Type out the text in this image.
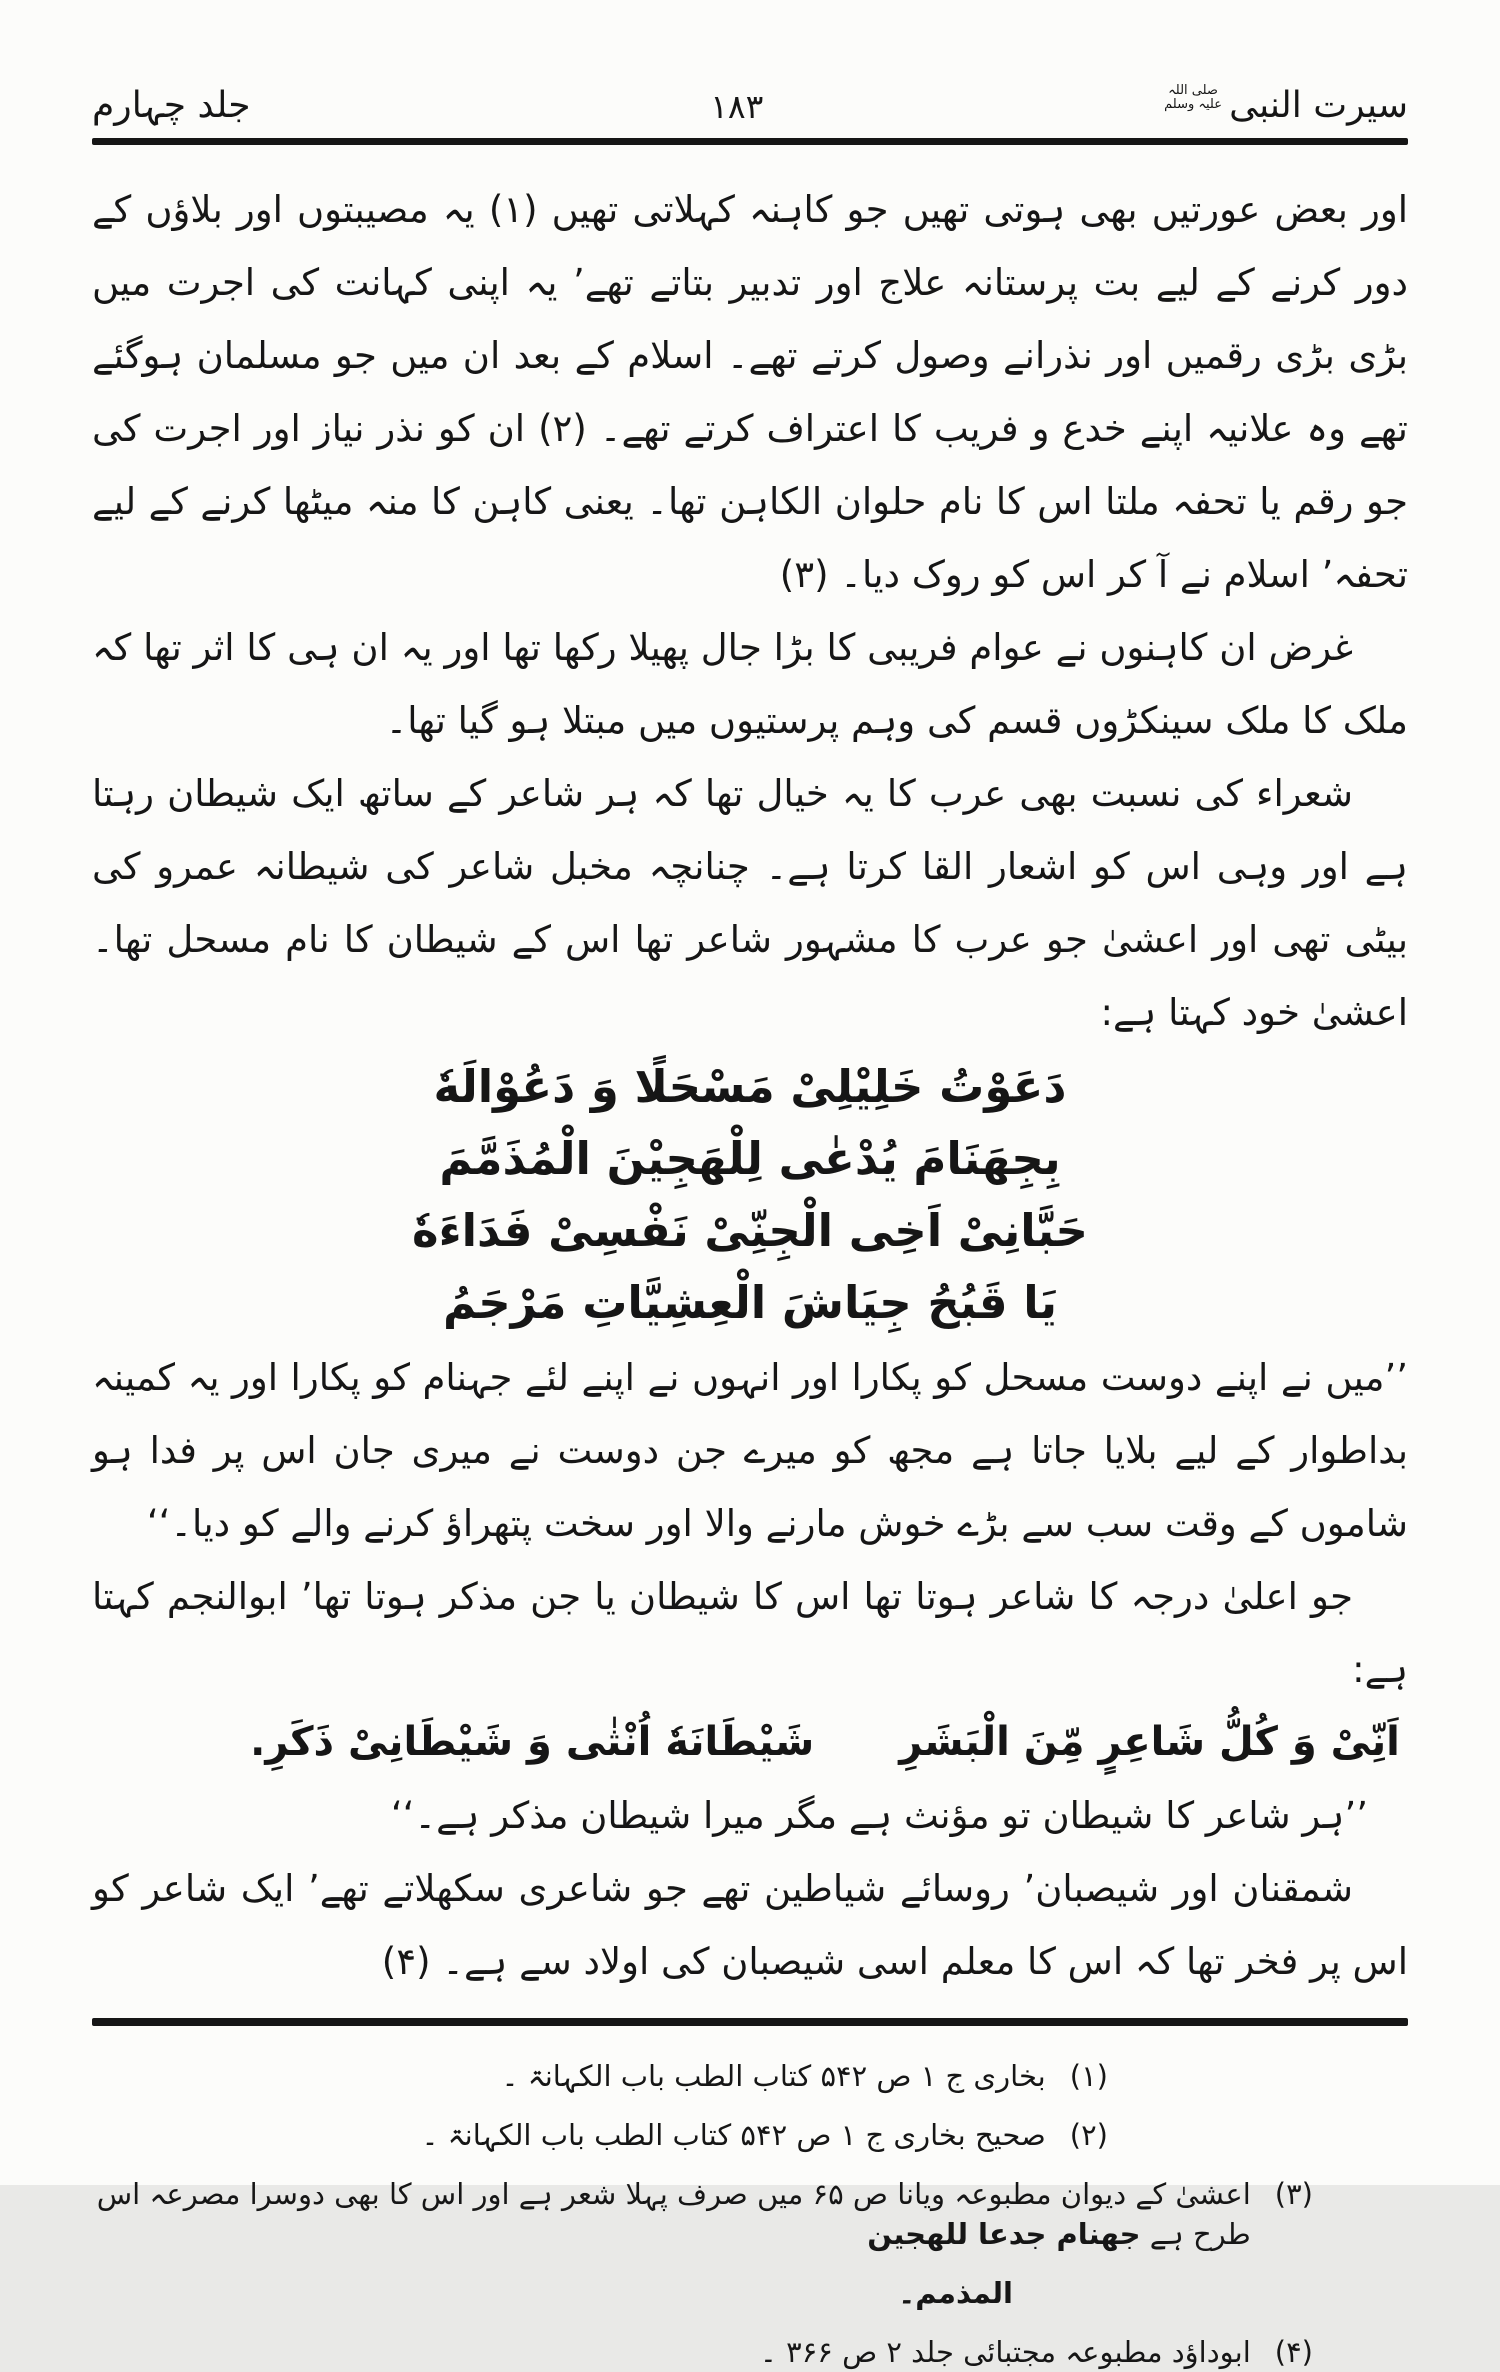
سیرت النبی
صلی اللہ علیہ وسلم
۱۸۳
جلد چہارم

اور بعض عورتیں بھی ہوتی تھیں جو کاہنہ کہلاتی تھیں (۱) یہ مصیبتوں اور بلاؤں کے دور کرنے کے لیے بت پرستانہ علاج اور تدبیر بتاتے تھے’ یہ اپنی کہانت کی اجرت میں بڑی بڑی رقمیں اور نذرانے وصول کرتے تھے۔ اسلام کے بعد ان میں جو مسلمان ہوگئے تھے وہ علانیہ اپنے خدع و فریب کا اعتراف کرتے تھے۔ (۲) ان کو نذر نیاز اور اجرت کی جو رقم یا تحفہ ملتا اس کا نام حلوان الکاہن تھا۔ یعنی کاہن کا منہ میٹھا کرنے کے لیے تحفہ’ اسلام نے آ کر اس کو روک دیا۔ (۳)

غرض ان کاہنوں نے عوام فریبی کا بڑا جال پھیلا رکھا تھا اور یہ ان ہی کا اثر تھا کہ ملک کا ملک سینکڑوں قسم کی وہم پرستیوں میں مبتلا ہو گیا تھا۔

شعراء کی نسبت بھی عرب کا یہ خیال تھا کہ ہر شاعر کے ساتھ ایک شیطان رہتا ہے اور وہی اس کو اشعار القا کرتا ہے۔ چنانچہ مخبل شاعر کی شیطانہ عمرو کی بیٹی تھی اور اعشیٰ جو عرب کا مشہور شاعر تھا اس کے شیطان کا نام مسحل تھا۔ اعشیٰ خود کہتا ہے:

دَعَوْتُ خَلِيْلِىْ مَسْحَلًا وَ دَعُوْالَهٗ
بِجِهَنَامَ يُدْعٰى لِلْهَجِيْنَ الْمُذَمَّمَ
حَبَّانِىْ اَخِى الْجِنِّىْ نَفْسِىْ فَدَاءَهٗ
يَا قَبُحُ جِيَاشَ الْعِشِيَّاتِ مَرْجَمُ

’’میں نے اپنے دوست مسحل کو پکارا اور انہوں نے اپنے لئے جہنام کو پکارا اور یہ کمینہ بداطوار کے لیے بلایا جاتا ہے مجھ کو میرے جن دوست نے میری جان اس پر فدا ہو شاموں کے وقت سب سے بڑے خوش مارنے والا اور سخت پتھراؤ کرنے والے کو دیا۔‘‘

جو اعلیٰ درجہ کا شاعر ہوتا تھا اس کا شیطان یا جن مذکر ہوتا تھا’ ابوالنجم کہتا ہے:

اَنِّىْ وَ كُلُّ شَاعِرٍ مِّنَ الْبَشَرِ
شَيْطَانَهٗ اُنْثٰى وَ شَيْطَانِىْ ذَكَرِ.
’’ہر شاعر کا شیطان تو مؤنث ہے مگر میرا شیطان مذکر ہے۔‘‘

شمقنان اور شیصبان’ روسائے شیاطین تھے جو شاعری سکھلاتے تھے’ ایک شاعر کو اس پر فخر تھا کہ اس کا معلم اسی شیصبان کی اولاد سے ہے۔ (۴)

(۱)
بخاری ج ۱ ص ۵۴۲ کتاب الطب باب الکہانۃ ۔
(۲)
صحیح بخاری ج ۱ ص ۵۴۲ کتاب الطب باب الکہانۃ ۔
(۳)
اعشیٰ کے دیوان مطبوعہ ویانا ص ۶۵ میں صرف پہلا شعر ہے اور اس کا بھی دوسرا مصرعہ اس طرح ہے جهنام جدعا للهجين
المذمم۔
(۴)
ابوداؤد مطبوعہ مجتبائی جلد ۲ ص ۳۶۶ ۔
